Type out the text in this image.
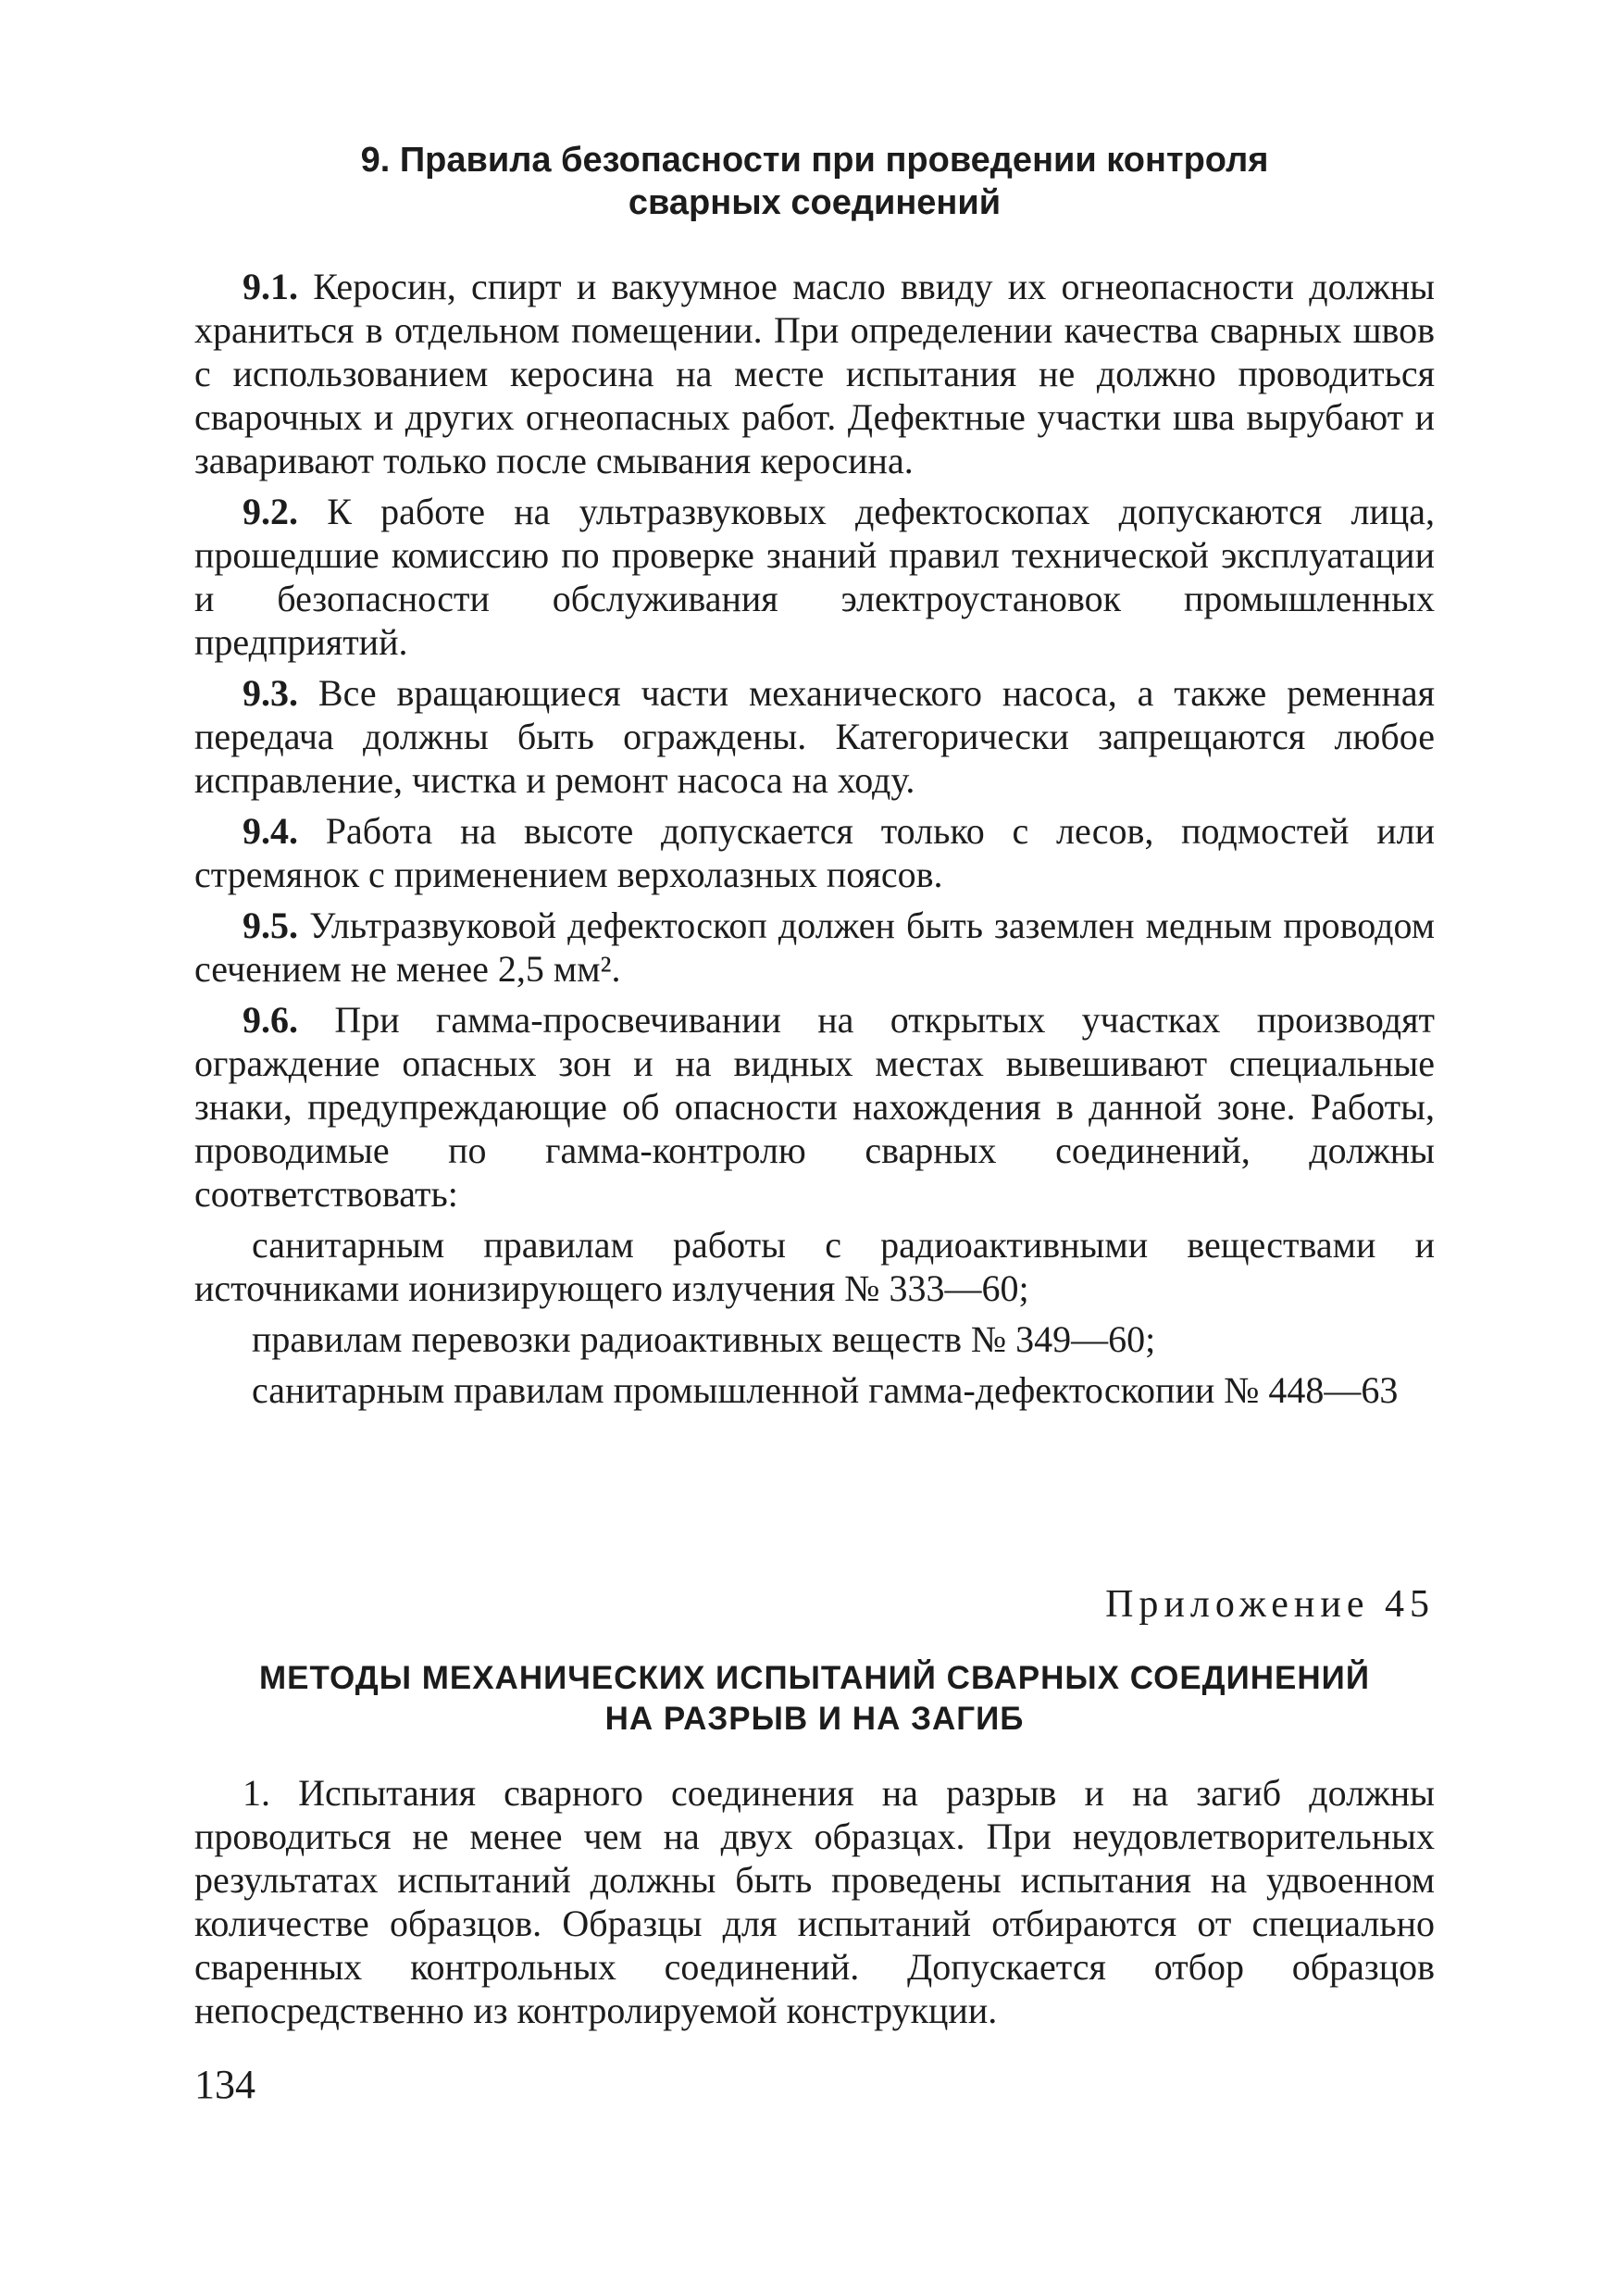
9. Правила безопасности при проведении контроля
сварных соединений

9.1. Керосин, спирт и вакуумное масло ввиду их огнеопасности должны храниться в отдельном помещении. При определении качества сварных швов с использованием керосина на месте испытания не должно проводиться сварочных и других огнеопасных работ. Дефектные участки шва вырубают и заваривают только после смывания керосина.

9.2. К работе на ультразвуковых дефектоскопах допускаются лица, прошедшие комиссию по проверке знаний правил технической эксплуатации и безопасности обслуживания электроустановок промышленных предприятий.

9.3. Все вращающиеся части механического насоса, а также ременная передача должны быть ограждены. Категорически запрещаются любое исправление, чистка и ремонт насоса на ходу.

9.4. Работа на высоте допускается только с лесов, подмостей или стремянок с применением верхолазных поясов.

9.5. Ультразвуковой дефектоскоп должен быть заземлен медным проводом сечением не менее 2,5 мм².

9.6. При гамма-просвечивании на открытых участках производят ограждение опасных зон и на видных местах вывешивают специальные знаки, предупреждающие об опасности нахождения в данной зоне. Работы, проводимые по гамма-контролю сварных соединений, должны соответствовать:

санитарным правилам работы с радиоактивными веществами и источниками ионизирующего излучения № 333—60;

правилам перевозки радиоактивных веществ № 349—60;

санитарным правилам промышленной гамма-дефектоскопии № 448—63

Приложение 45
МЕТОДЫ МЕХАНИЧЕСКИХ ИСПЫТАНИЙ СВАРНЫХ СОЕДИНЕНИЙ
НА РАЗРЫВ И НА ЗАГИБ

1. Испытания сварного соединения на разрыв и на загиб должны проводиться не менее чем на двух образцах. При неудовлетворительных результатах испытаний должны быть проведены испытания на удвоенном количестве образцов. Образцы для испытаний отбираются от специально сваренных контрольных соединений. Допускается отбор образцов непосредственно из контролируемой конструкции.

134
